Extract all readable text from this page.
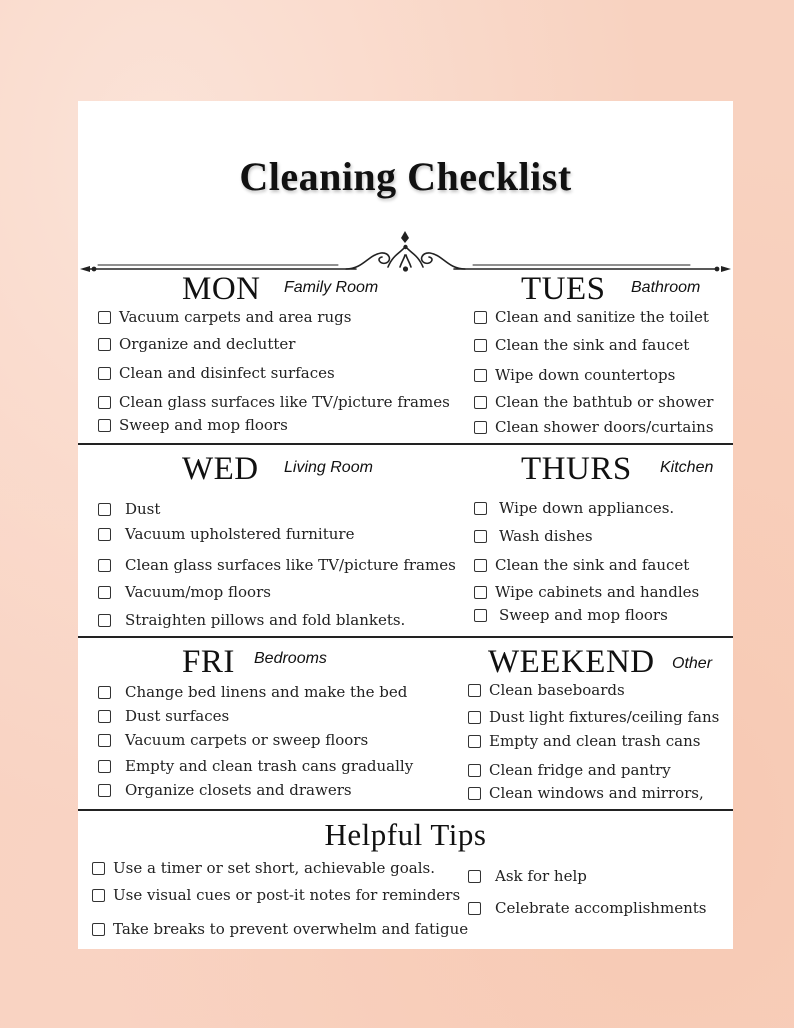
Cleaning Checklist
MON Family Room
Vacuum carpets and area rugs
Organize and declutter
Clean and disinfect surfaces
Clean glass surfaces like TV/picture frames
Sweep and mop floors
TUES Bathroom
Clean and sanitize the toilet
Clean the sink and faucet
Wipe down countertops
Clean the bathtub or shower
Clean shower doors/curtains
WED Living Room
Dust
Vacuum upholstered furniture
Clean glass surfaces like TV/picture frames
Vacuum/mop floors
Straighten pillows and fold blankets.
THURS Kitchen
Wipe down appliances.
Wash dishes
Clean the sink and faucet
Wipe cabinets and handles
Sweep and mop floors
FRI Bedrooms
Change bed linens and make the bed
Dust surfaces
Vacuum carpets or sweep floors
Empty and clean trash cans gradually
Organize closets and drawers
WEEKEND Other
Clean baseboards
Dust light fixtures/ceiling fans
Empty and clean trash cans
Clean fridge and pantry
Clean windows and mirrors,
Helpful Tips
Use a timer or set short, achievable goals.
Use visual cues or post-it notes for reminders
Take breaks to prevent overwhelm and fatigue
Ask for help
Celebrate accomplishments
